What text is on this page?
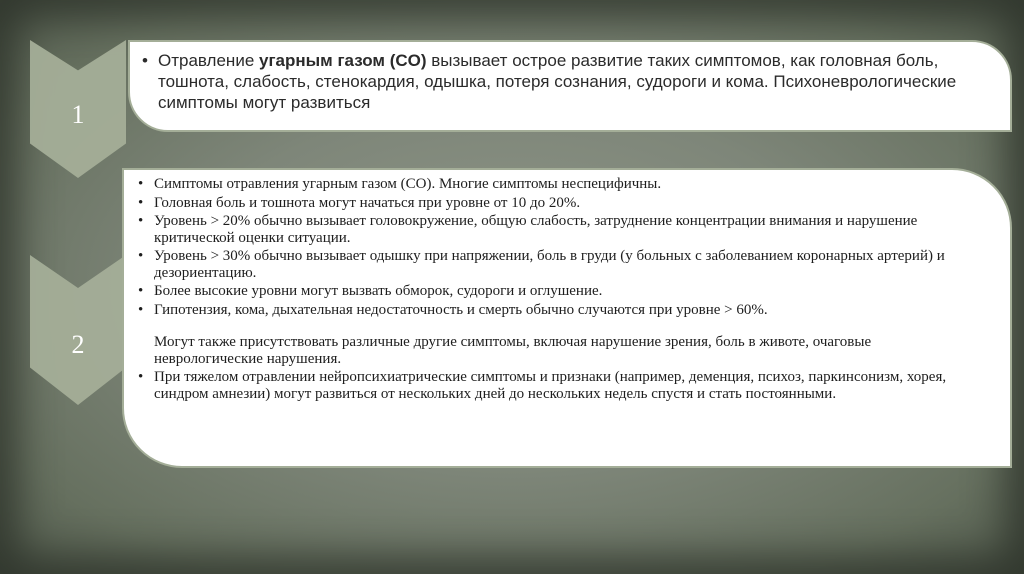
1
• Отравление угарным газом (CO) вызывает острое развитие таких симптомов, как головная боль, тошнота, слабость, стенокардия, одышка, потеря сознания, судороги и кома. Психоневрологические симптомы могут развиться
2
• Симптомы отравления угарным газом (CO). Многие симптомы неспецифичны.
• Головная боль и тошнота могут начаться при уровне от 10 до 20%.
• Уровень > 20% обычно вызывает головокружение, общую слабость, затруднение концентрации внимания и нарушение критической оценки ситуации.
• Уровень > 30% обычно вызывает одышку при напряжении, боль в груди (у больных с заболеванием коронарных артерий) и дезориентацию.
• Более высокие уровни могут вызвать обморок, судороги и оглушение.
• Гипотензия, кома, дыхательная недостаточность и смерть обычно случаются при уровне > 60%.
Могут также присутствовать различные другие симптомы, включая нарушение зрения, боль в животе, очаговые неврологические нарушения.
• При тяжелом отравлении нейропсихиатрические симптомы и признаки (например, деменция, психоз, паркинсонизм, хорея, синдром амнезии) могут развиться от нескольких дней до нескольких недель спустя и стать постоянными.
